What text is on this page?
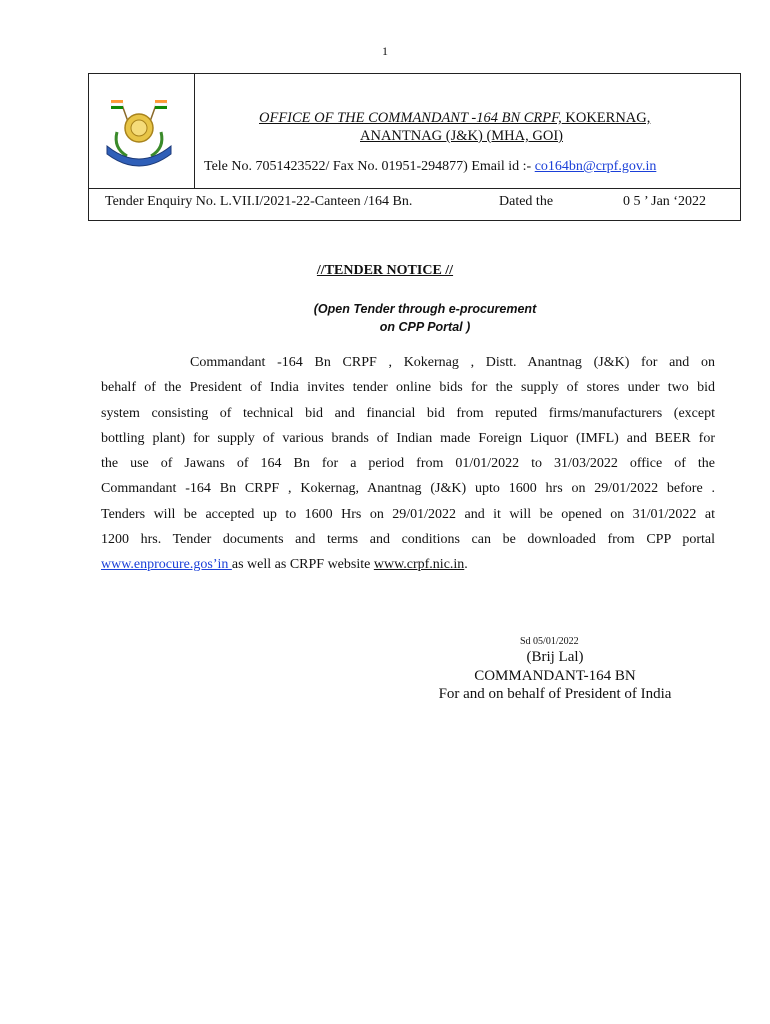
1
OFFICE OF THE COMMANDANT -164 BN CRPF, KOKERNAG,
ANANTNAG (J&K) (MHA, GOI)
Tele No. 7051423522/ Fax No. 01951-294877) Email id :- co164bn@crpf.gov.in
Tender Enquiry No. L.VII.I/2021-22-Canteen /164 Bn.	Dated the	0 5 ’ Jan ‘2022
//TENDER NOTICE //
(Open Tender through e-procurement
on CPP Portal )
Commandant -164 Bn CRPF , Kokernag , Distt. Anantnag (J&K) for and on
behalf of the President of India invites tender online bids for the supply of stores under two bid
system consisting of technical bid and financial bid from reputed firms/manufacturers (except
bottling plant) for supply of various brands of Indian made Foreign Liquor (IMFL) and BEER for
the use of Jawans of 164 Bn for a period from 01/01/2022 to 31/03/2022 office of the
Commandant -164 Bn CRPF , Kokernag, Anantnag (J&K) upto 1600 hrs on 29/01/2022 before .
Tenders will be accepted up to 1600 Hrs on 29/01/2022 and it will be opened on 31/01/2022 at
1200 hrs. Tender documents and terms and conditions can be downloaded from CPP portal
www.enprocure.gos’in as well as CRPF website www.crpf.nic.in.
Sd 05/01/2022
(Brij Lal)
COMMANDANT-164 BN
For and on behalf of President of India
